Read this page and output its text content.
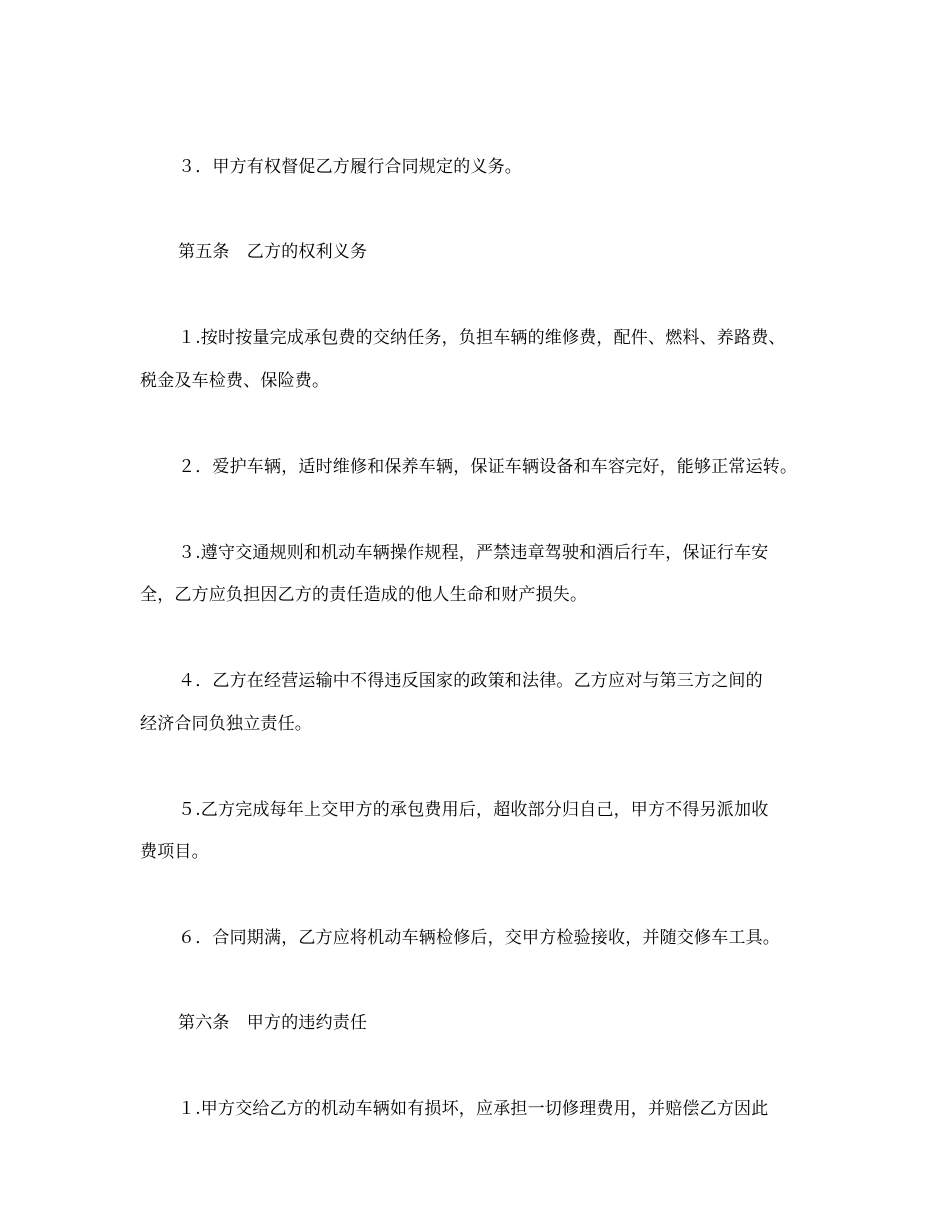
３．甲方有权督促乙方履行合同规定的义务。
第五条　乙方的权利义务
１.按时按量完成承包费的交纳任务，负担车辆的维修费，配件、燃料、养路费、
税金及车检费、保险费。
２．爱护车辆，适时维修和保养车辆，保证车辆设备和车容完好，能够正常运转。
３.遵守交通规则和机动车辆操作规程，严禁违章驾驶和酒后行车，保证行车安
全，乙方应负担因乙方的责任造成的他人生命和财产损失。
４．乙方在经营运输中不得违反国家的政策和法律。乙方应对与第三方之间的
经济合同负独立责任。
５.乙方完成每年上交甲方的承包费用后，超收部分归自己，甲方不得另派加收
费项目。
６．合同期满，乙方应将机动车辆检修后，交甲方检验接收，并随交修车工具。
第六条　甲方的违约责任
１.甲方交给乙方的机动车辆如有损坏，应承担一切修理费用，并赔偿乙方因此
